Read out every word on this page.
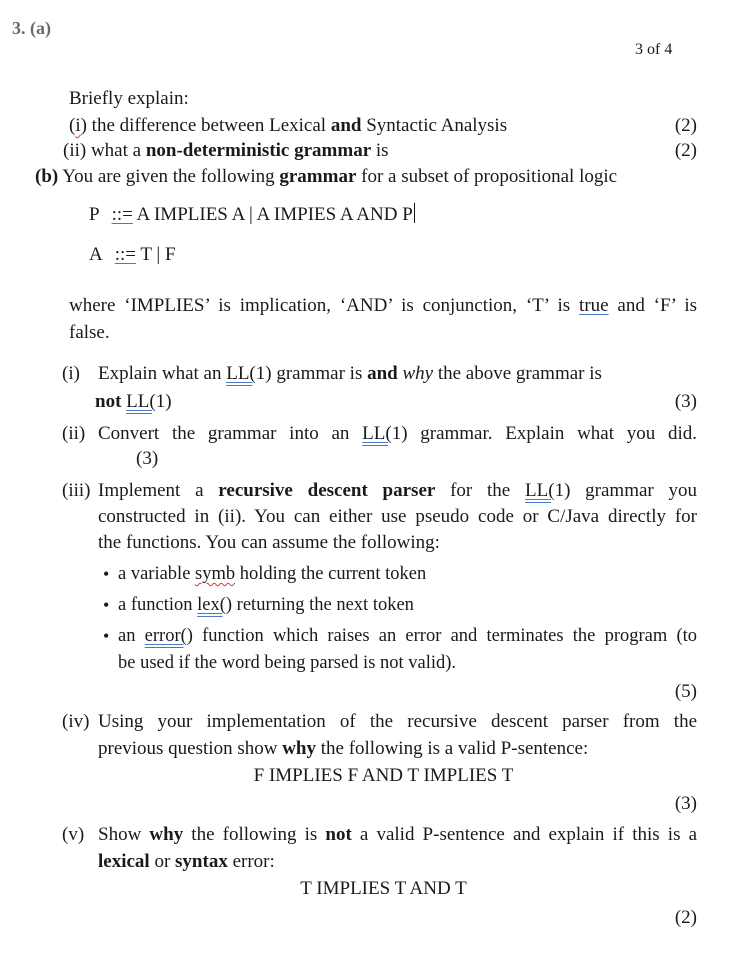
3. (a)
3 of 4
Briefly explain:
(i) the difference between Lexical and Syntactic Analysis	(2)
(ii) what a non-deterministic grammar is	(2)
(b) You are given the following grammar for a subset of propositional logic
P ::= A IMPLIES A | A IMPIES A AND P
A ::= T | F
where ‘IMPLIES’ is implication, ‘AND’ is conjunction, ‘T’ is true and ‘F’ is
false.
(i) Explain what an LL(1) grammar is and why the above grammar is
not LL(1)	(3)
(ii) Convert the grammar into an LL(1) grammar. Explain what you did.
(3)
(iii) Implement a recursive descent parser for the LL(1) grammar you
constructed in (ii). You can either use pseudo code or C/Java directly for
the functions. You can assume the following:
• a variable symb holding the current token
• a function lex() returning the next token
• an error() function which raises an error and terminates the program (to
be used if the word being parsed is not valid).
(5)
(iv) Using your implementation of the recursive descent parser from the
previous question show why the following is a valid P-sentence:
F IMPLIES F AND T IMPLIES T
(3)
(v) Show why the following is not a valid P-sentence and explain if this is a
lexical or syntax error:
T IMPLIES T AND T
(2)
